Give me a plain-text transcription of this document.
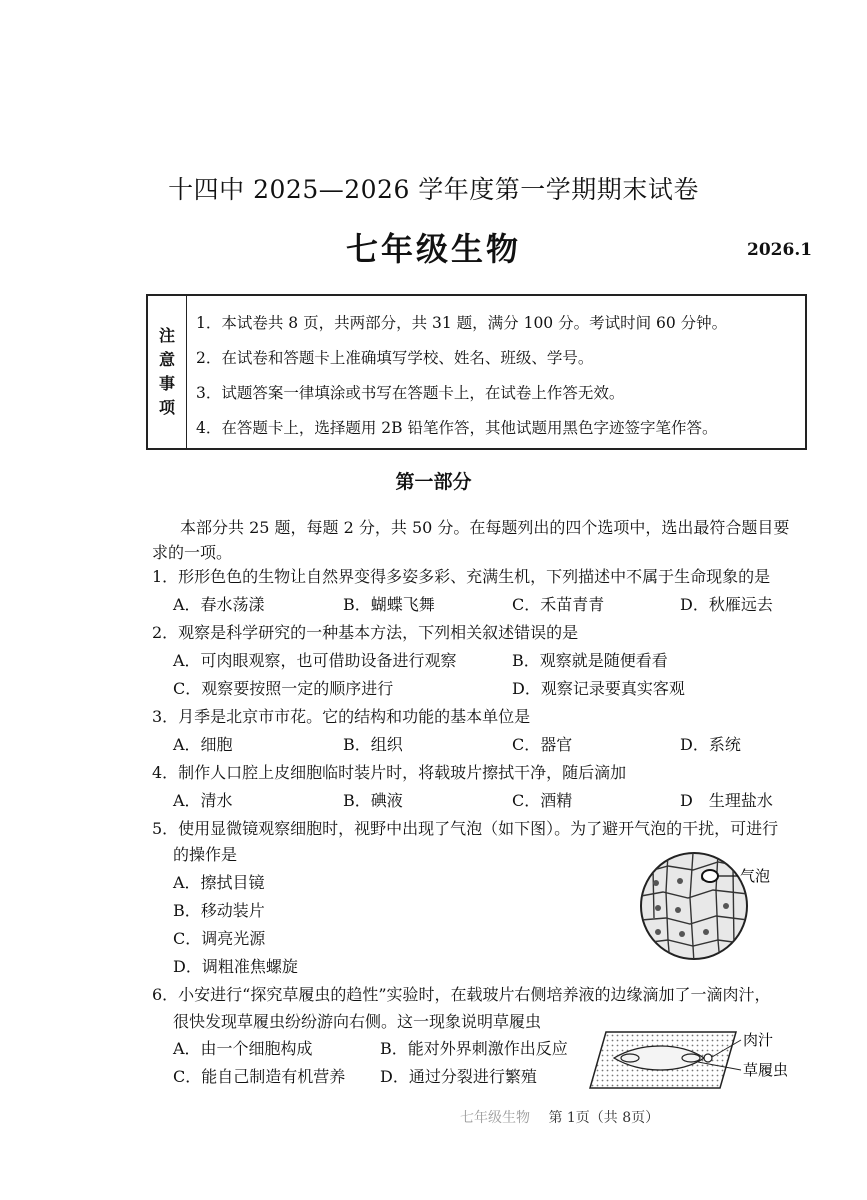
十四中 2025—2026 学年度第一学期期末试卷
七年级生物	2026.1
注
意
事
项
1．本试卷共 8 页，共两部分，共 31 题，满分 100 分。考试时间 60 分钟。
2．在试卷和答题卡上准确填写学校、姓名、班级、学号。
3．试题答案一律填涂或书写在答题卡上，在试卷上作答无效。
4．在答题卡上，选择题用 2B 铅笔作答，其他试题用黑色字迹签字笔作答。
第一部分
本部分共 25 题，每题 2 分，共 50 分。在每题列出的四个选项中，选出最符合题目要
求的一项。
1．形形色色的生物让自然界变得多姿多彩、充满生机，下列描述中不属于生命现象的是
A．春水荡漾	B．蝴蝶飞舞	C．禾苗青青	D．秋雁远去
2．观察是科学研究的一种基本方法，下列相关叙述错误的是
A．可肉眼观察，也可借助设备进行观察	B．观察就是随便看看
C．观察要按照一定的顺序进行	D．观察记录要真实客观
3．月季是北京市市花。它的结构和功能的基本单位是
A．细胞	B．组织	C．器官	D．系统
4．制作人口腔上皮细胞临时装片时，将载玻片擦拭干净，随后滴加
A．清水	B．碘液	C．酒精	D　生理盐水
5．使用显微镜观察细胞时，视野中出现了气泡（如下图）。为了避开气泡的干扰，可进行
的操作是
A．擦拭目镜
B．移动装片
C．调亮光源
D．调粗准焦螺旋
气泡
6．小安进行“探究草履虫的趋性”实验时，在载玻片右侧培养液的边缘滴加了一滴肉汁，
很快发现草履虫纷纷游向右侧。这一现象说明草履虫
A．由一个细胞构成	B．能对外界刺激作出反应
C．能自己制造有机营养 D．通过分裂进行繁殖
肉汁
草履虫
七年级生物 第 1页（共 8页）
